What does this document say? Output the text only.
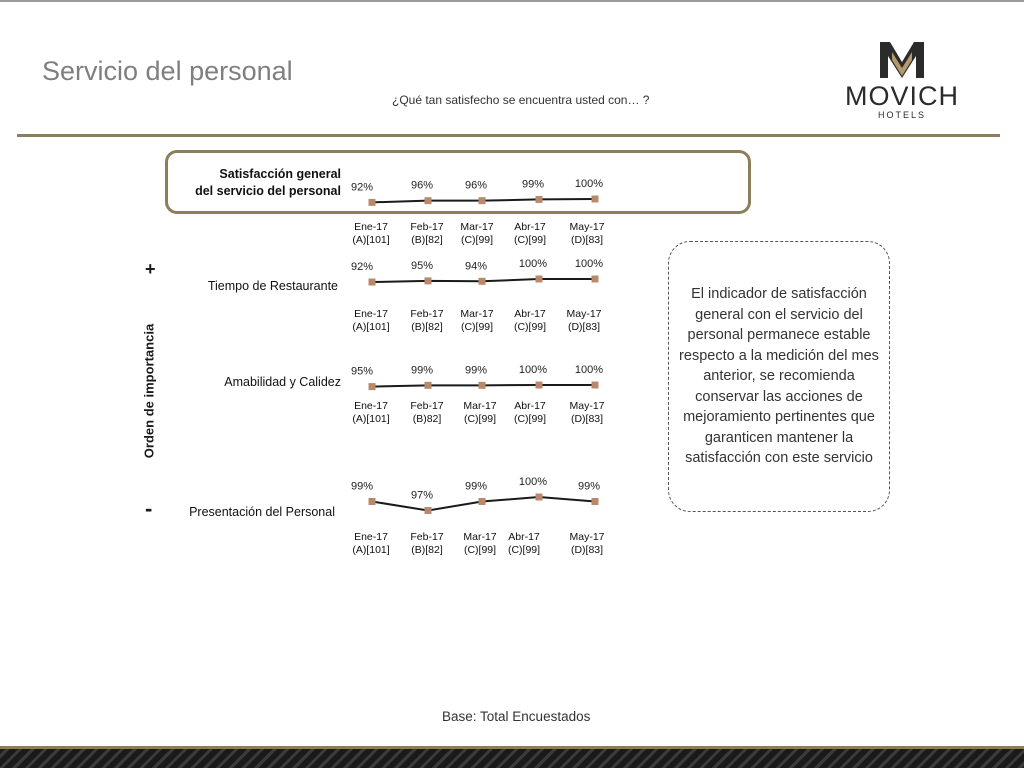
Servicio del personal
¿Qué tan satisfecho se encuentra usted con… ?	MOVICH
HOTELS
Satisfacción general
del servicio del personal
Tiempo de Restaurante
Amabilidad y Calidez
Presentación del Personal
Orden de importancia
+
-
92%	96%	96%	99%	100%
92%	95%	94%	100%	100%
95%	99%	99%	100%	100%
99%
97%
99%	100%	99%
Ene-17
(A)[101]
Feb-17
(B)[82]
Mar-17
(C)[99]
Abr-17
(C)[99]
May-17
(D)[83]
Ene-17
(A)[101]
Feb-17
(B)[82]
Mar-17
(C)[99]
Abr-17
(C)[99]
May-17
(D)[83]
Ene-17
(A)[101]
Feb-17
(B)82]
Mar-17
(C)[99]
Abr-17
(C)[99]
May-17
(D)[83]
Ene-17
(A)[101]
Feb-17
(B)[82]
Mar-17
(C)[99]
Abr-17
(C)[99]
May-17
(D)[83]
El indicador de satisfacción general con el servicio del personal permanece estable respecto a la medición del mes anterior, se recomienda conservar las acciones de mejoramiento pertinentes que garanticen mantener la satisfacción con este servicio
Base: Total Encuestados
